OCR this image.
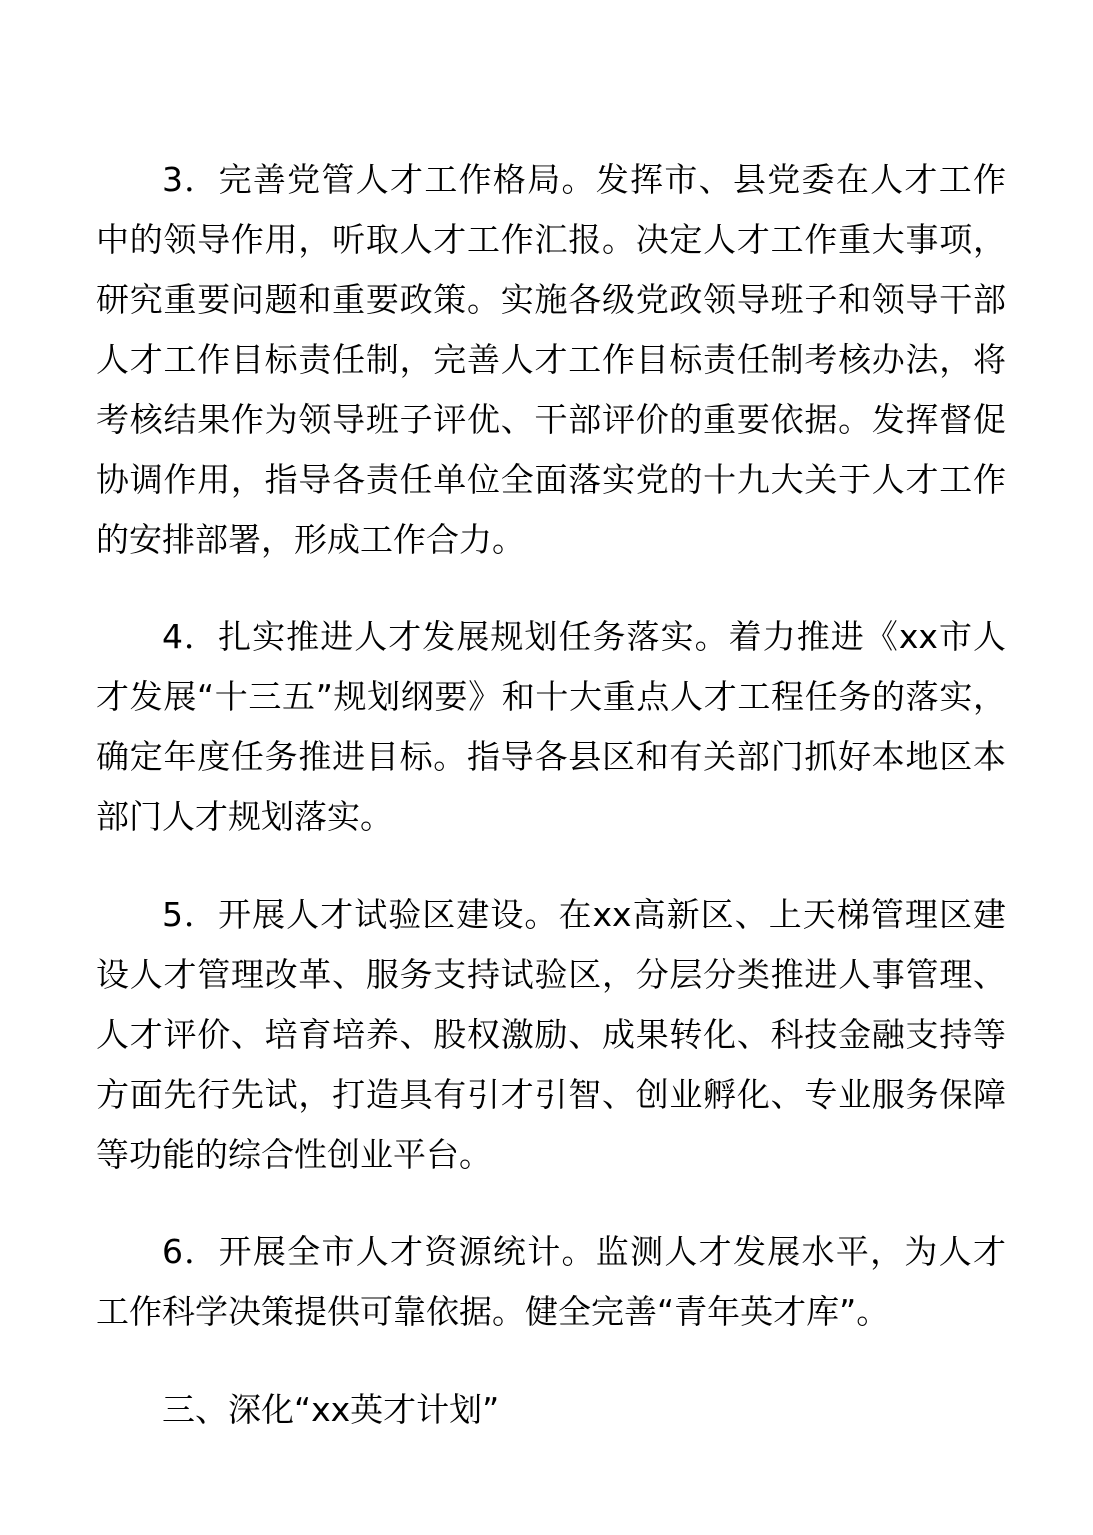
3．完善党管人才工作格局。发挥市、县党委在人才工作中的领导作用，听取人才工作汇报。决定人才工作重大事项，研究重要问题和重要政策。实施各级党政领导班子和领导干部人才工作目标责任制，完善人才工作目标责任制考核办法，将考核结果作为领导班子评优、干部评价的重要依据。发挥督促协调作用，指导各责任单位全面落实党的十九大关于人才工作的安排部署，形成工作合力。

4．扎实推进人才发展规划任务落实。着力推进《xx市人才发展“十三五”规划纲要》和十大重点人才工程任务的落实，确定年度任务推进目标。指导各县区和有关部门抓好本地区本部门人才规划落实。

5．开展人才试验区建设。在xx高新区、上天梯管理区建设人才管理改革、服务支持试验区，分层分类推进人事管理、人才评价、培育培养、股权激励、成果转化、科技金融支持等方面先行先试，打造具有引才引智、创业孵化、专业服务保障等功能的综合性创业平台。

6．开展全市人才资源统计。监测人才发展水平，为人才工作科学决策提供可靠依据。健全完善“青年英才库”。

三、深化“xx英才计划”
